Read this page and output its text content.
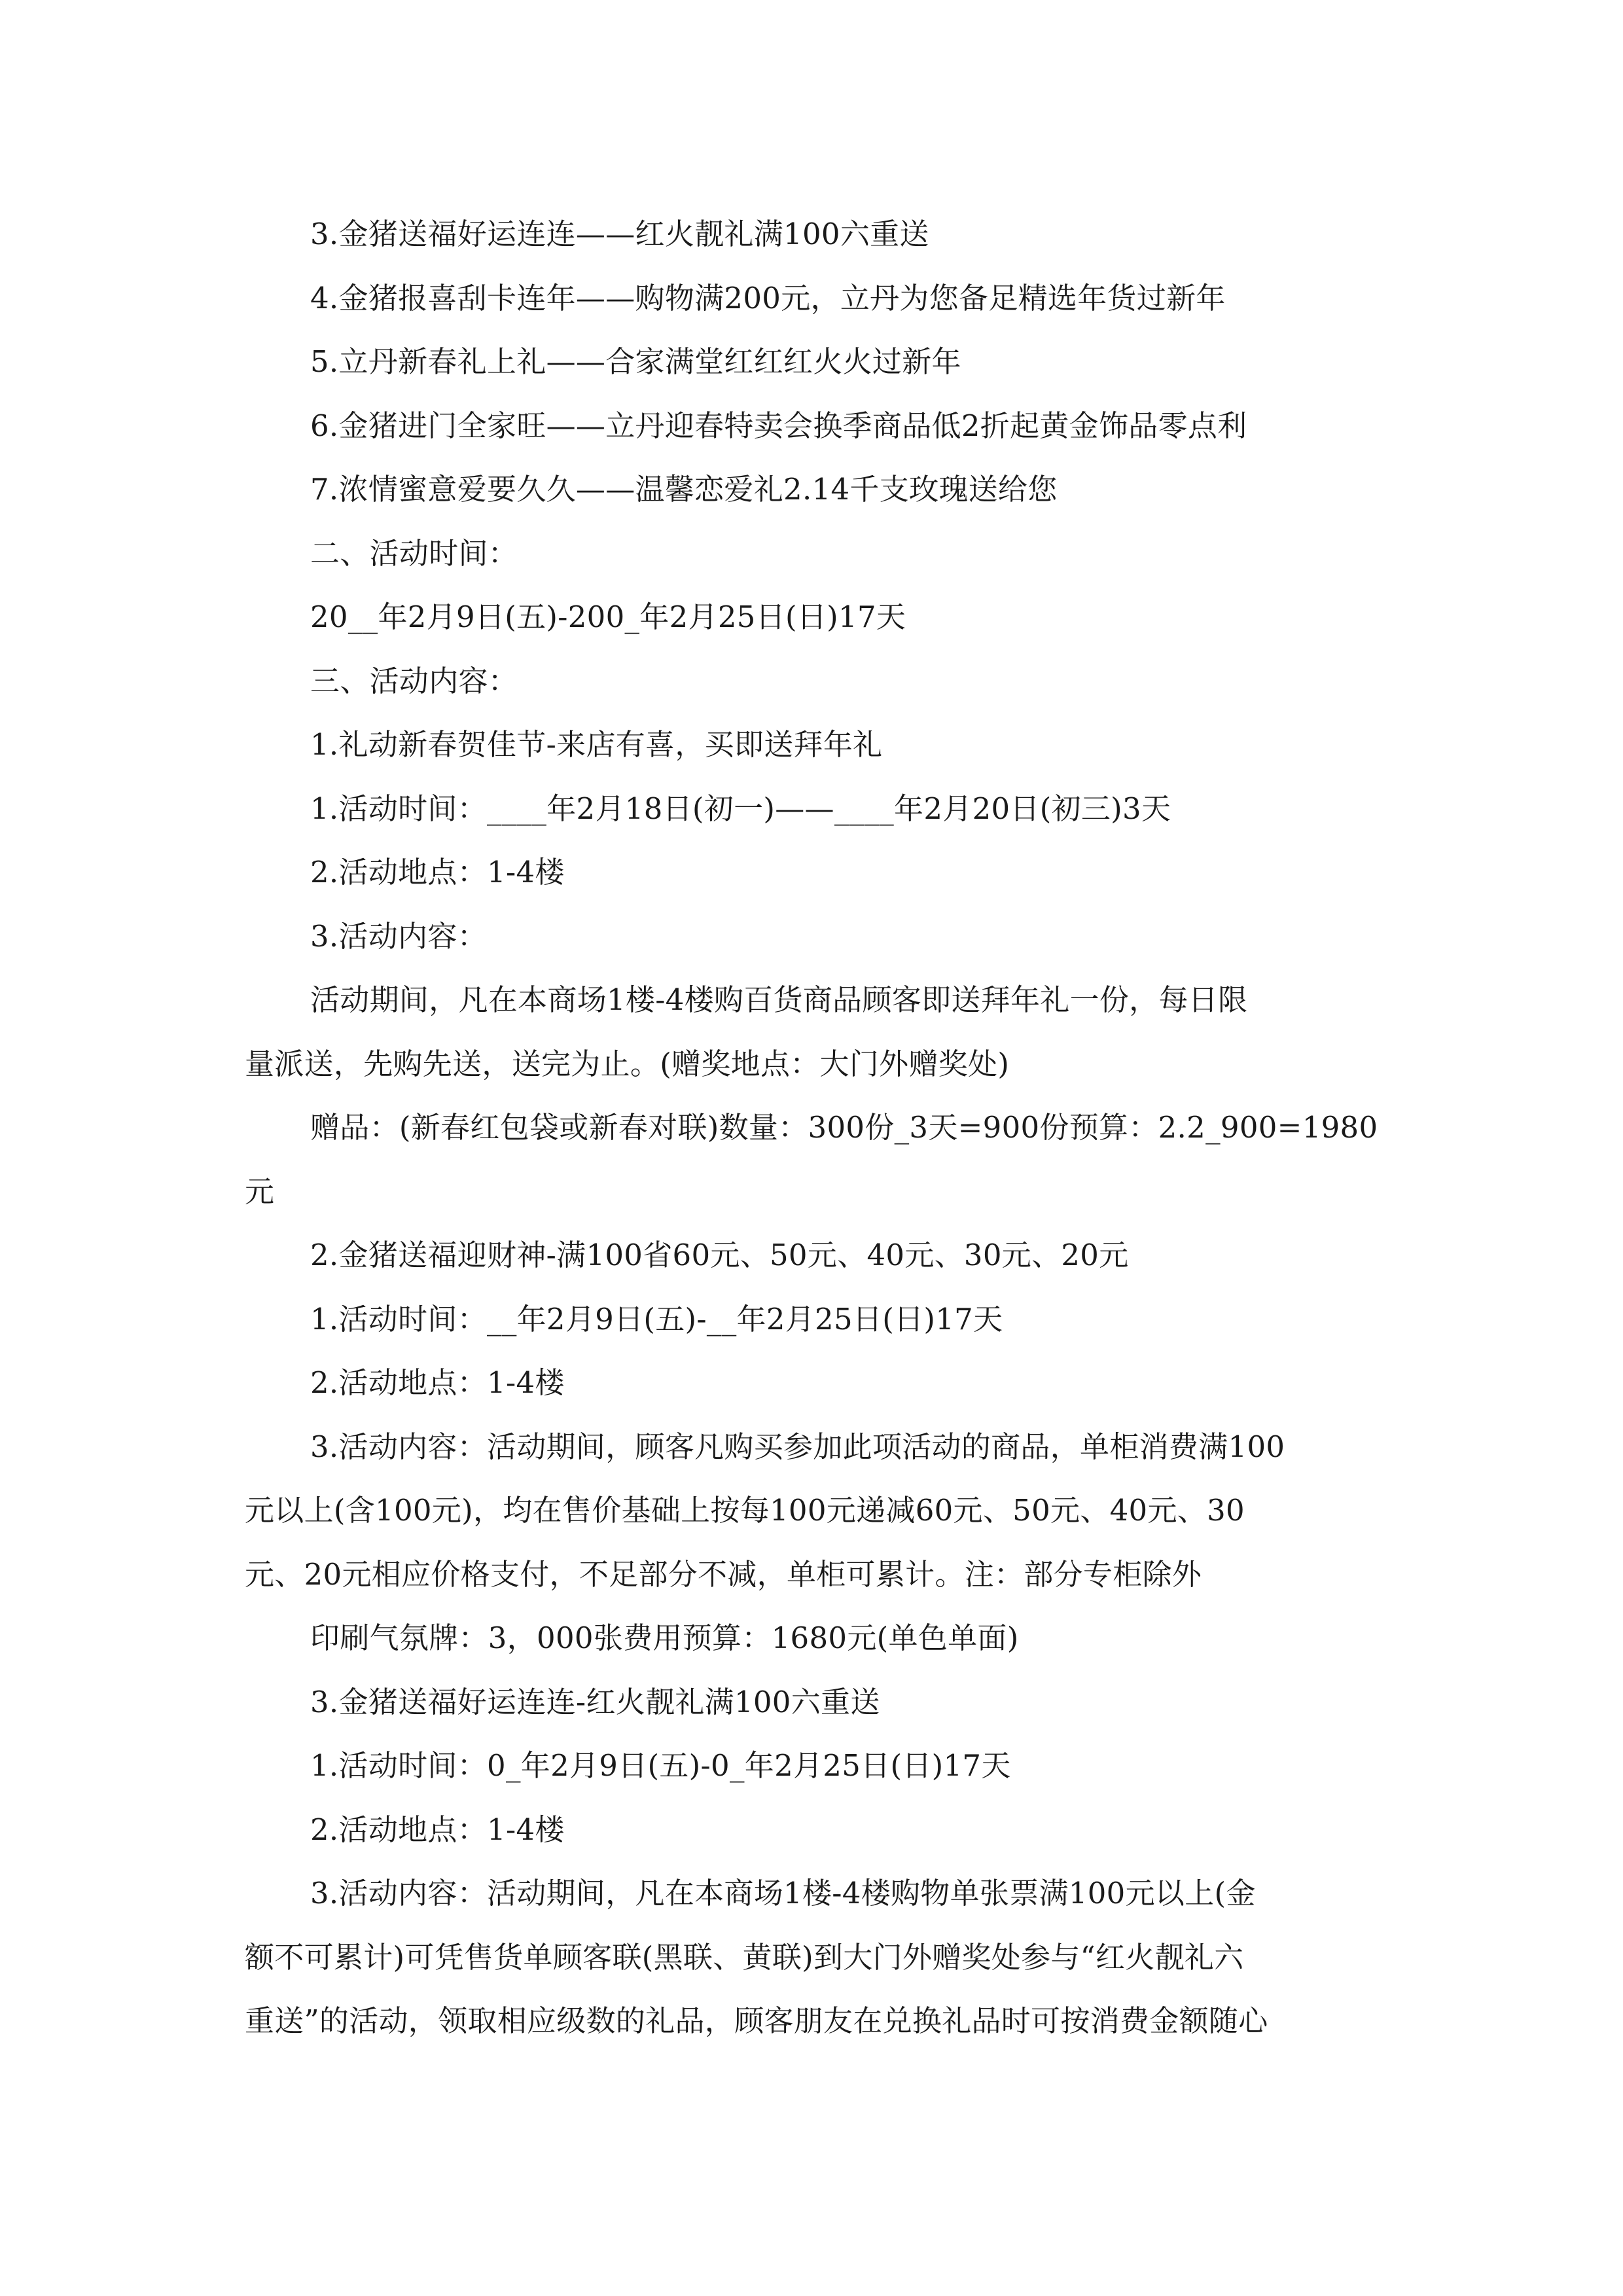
3.金猪送福好运连连——红火靓礼满100六重送
4.金猪报喜刮卡连年——购物满200元，立丹为您备足精选年货过新年
5.立丹新春礼上礼——合家满堂红红红火火过新年
6.金猪进门全家旺——立丹迎春特卖会换季商品低2折起黄金饰品零点利
7.浓情蜜意爱要久久——温馨恋爱礼2.14千支玫瑰送给您
二、活动时间：
20__年2月9日(五)-200_年2月25日(日)17天
三、活动内容：
1.礼动新春贺佳节-来店有喜，买即送拜年礼
1.活动时间：____年2月18日(初一)——____年2月20日(初三)3天
2.活动地点：1-4楼
3.活动内容：
活动期间，凡在本商场1楼-4楼购百货商品顾客即送拜年礼一份，每日限
量派送，先购先送，送完为止。(赠奖地点：大门外赠奖处)
赠品：(新春红包袋或新春对联)数量：300份_3天=900份预算：2.2_900=1980
元
2.金猪送福迎财神-满100省60元、50元、40元、30元、20元
1.活动时间：__年2月9日(五)-__年2月25日(日)17天
2.活动地点：1-4楼
3.活动内容：活动期间，顾客凡购买参加此项活动的商品，单柜消费满100
元以上(含100元)，均在售价基础上按每100元递减60元、50元、40元、30
元、20元相应价格支付，不足部分不减，单柜可累计。注：部分专柜除外
印刷气氛牌：3，000张费用预算：1680元(单色单面)
3.金猪送福好运连连-红火靓礼满100六重送
1.活动时间：0_年2月9日(五)-0_年2月25日(日)17天
2.活动地点：1-4楼
3.活动内容：活动期间，凡在本商场1楼-4楼购物单张票满100元以上(金
额不可累计)可凭售货单顾客联(黑联、黄联)到大门外赠奖处参与“红火靓礼六
重送”的活动，领取相应级数的礼品，顾客朋友在兑换礼品时可按消费金额随心
